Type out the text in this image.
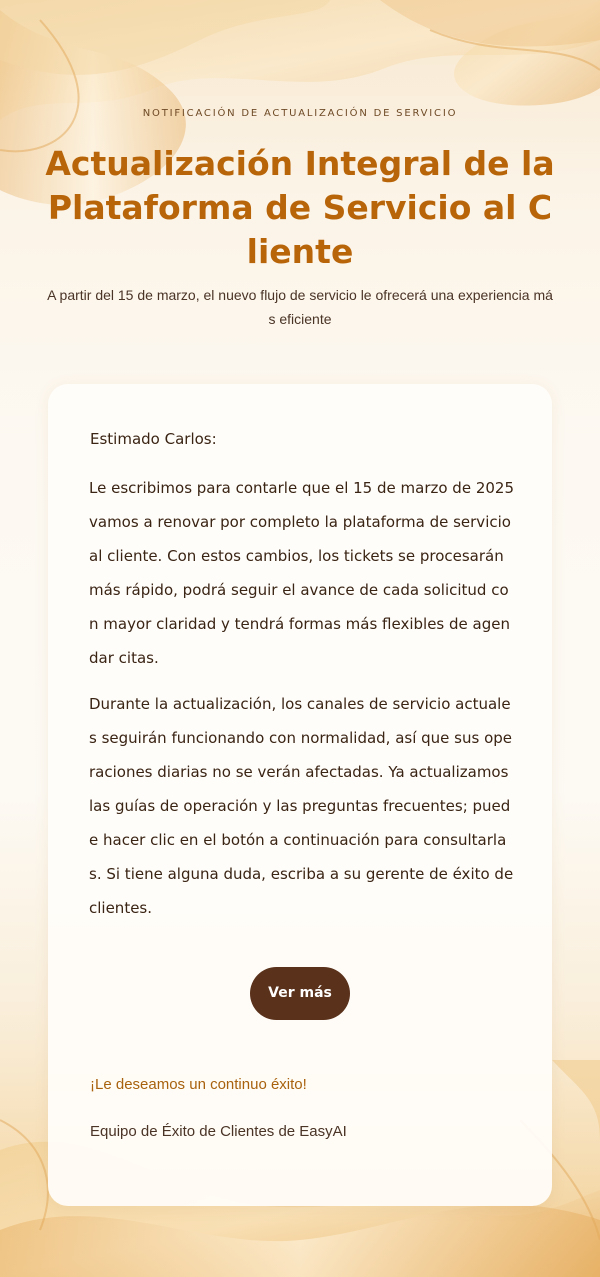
NOTIFICACIÓN DE ACTUALIZACIÓN DE SERVICIO
Actualización Integral de la Plataforma de Servicio al Cliente
A partir del 15 de marzo, el nuevo flujo de servicio le ofrecerá una experiencia más eficiente
Estimado Carlos:

Le escribimos para contarle que el 15 de marzo de 2025 vamos a renovar por completo la plataforma de servicio al cliente. Con estos cambios, los tickets se procesarán más rápido, podrá seguir el avance de cada solicitud con mayor claridad y tendrá formas más flexibles de agendar citas.

Durante la actualización, los canales de servicio actuales seguirán funcionando con normalidad, así que sus operaciones diarias no se verán afectadas. Ya actualizamos las guías de operación y las preguntas frecuentes; puede hacer clic en el botón a continuación para consultarlas. Si tiene alguna duda, escriba a su gerente de éxito de clientes.

Ver más
¡Le deseamos un continuo éxito!
Equipo de Éxito de Clientes de EasyAI
